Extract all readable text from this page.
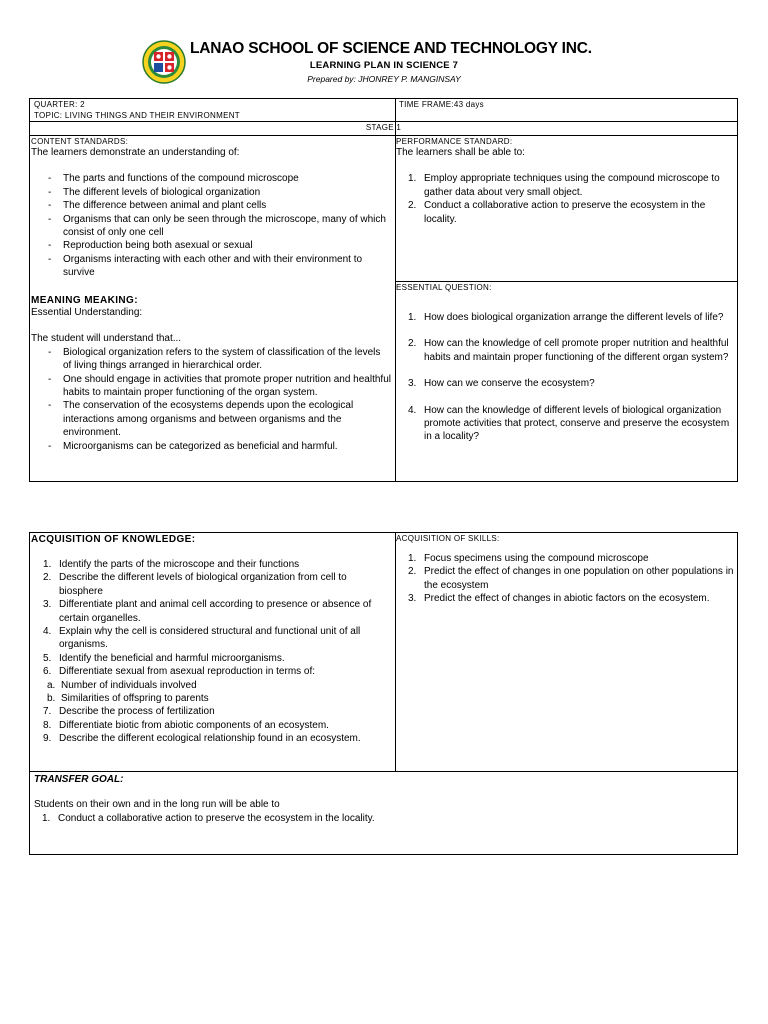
LANAO SCHOOL OF SCIENCE AND TECHNOLOGY INC.
LEARNING PLAN IN SCIENCE 7
Prepared by: JHONREY P. MANGINSAY
QUARTER: 2
TOPIC: LIVING THINGS AND THEIR ENVIRONMENT
TIME FRAME:43 days
STAGE 1
CONTENT STANDARDS:
The learners demonstrate an understanding of:
- The parts and functions of the compound microscope
- The different levels of biological organization
- The difference between animal and plant cells
- Organisms that can only be seen through the microscope, many of which consist of only one cell
- Reproduction being both asexual or sexual
- Organisms interacting with each other and with their environment to survive
PERFORMANCE STANDARD:
The learners shall be able to:
1. Employ appropriate techniques using the compound microscope to gather data about very small object.
2. Conduct a collaborative action to preserve the ecosystem in the locality.
MEANING MEAKING:
Essential Understanding:
The student will understand that...
- Biological organization refers to the system of classification of the levels of living things arranged in hierarchical order.
- One should engage in activities that promote proper nutrition and healthful habits to maintain proper functioning of the organ system.
- The conservation of the ecosystems depends upon the ecological interactions among organisms and between organisms and the environment.
- Microorganisms can be categorized as beneficial and harmful.
ESSENTIAL QUESTION:
1. How does biological organization arrange the different levels of life?
2. How can the knowledge of cell promote proper nutrition and healthful habits and maintain proper functioning of the different organ system?
3. How can we conserve the ecosystem?
4. How can the knowledge of different levels of biological organization promote activities that protect, conserve and preserve the ecosystem in a locality?
ACQUISITION OF KNOWLEDGE:
1. Identify the parts of the microscope and their functions
2. Describe the different levels of biological organization from cell to biosphere
3. Differentiate plant and animal cell according to presence or absence of certain organelles.
4. Explain why the cell is considered structural and functional unit of all organisms.
5. Identify the beneficial and harmful microorganisms.
6. Differentiate sexual from asexual reproduction in terms of:
a. Number of individuals involved
b. Similarities of offspring to parents
7. Describe the process of fertilization
8. Differentiate biotic from abiotic components of an ecosystem.
9. Describe the different ecological relationship found in an ecosystem.
ACQUISITION OF SKILLS:
1. Focus specimens using the compound microscope
2. Predict the effect of changes in one population on other populations in the ecosystem
3. Predict the effect of changes in abiotic factors on the ecosystem.
TRANSFER GOAL:
Students on their own and in the long run will be able to
1. Conduct a collaborative action to preserve the ecosystem in the locality.
